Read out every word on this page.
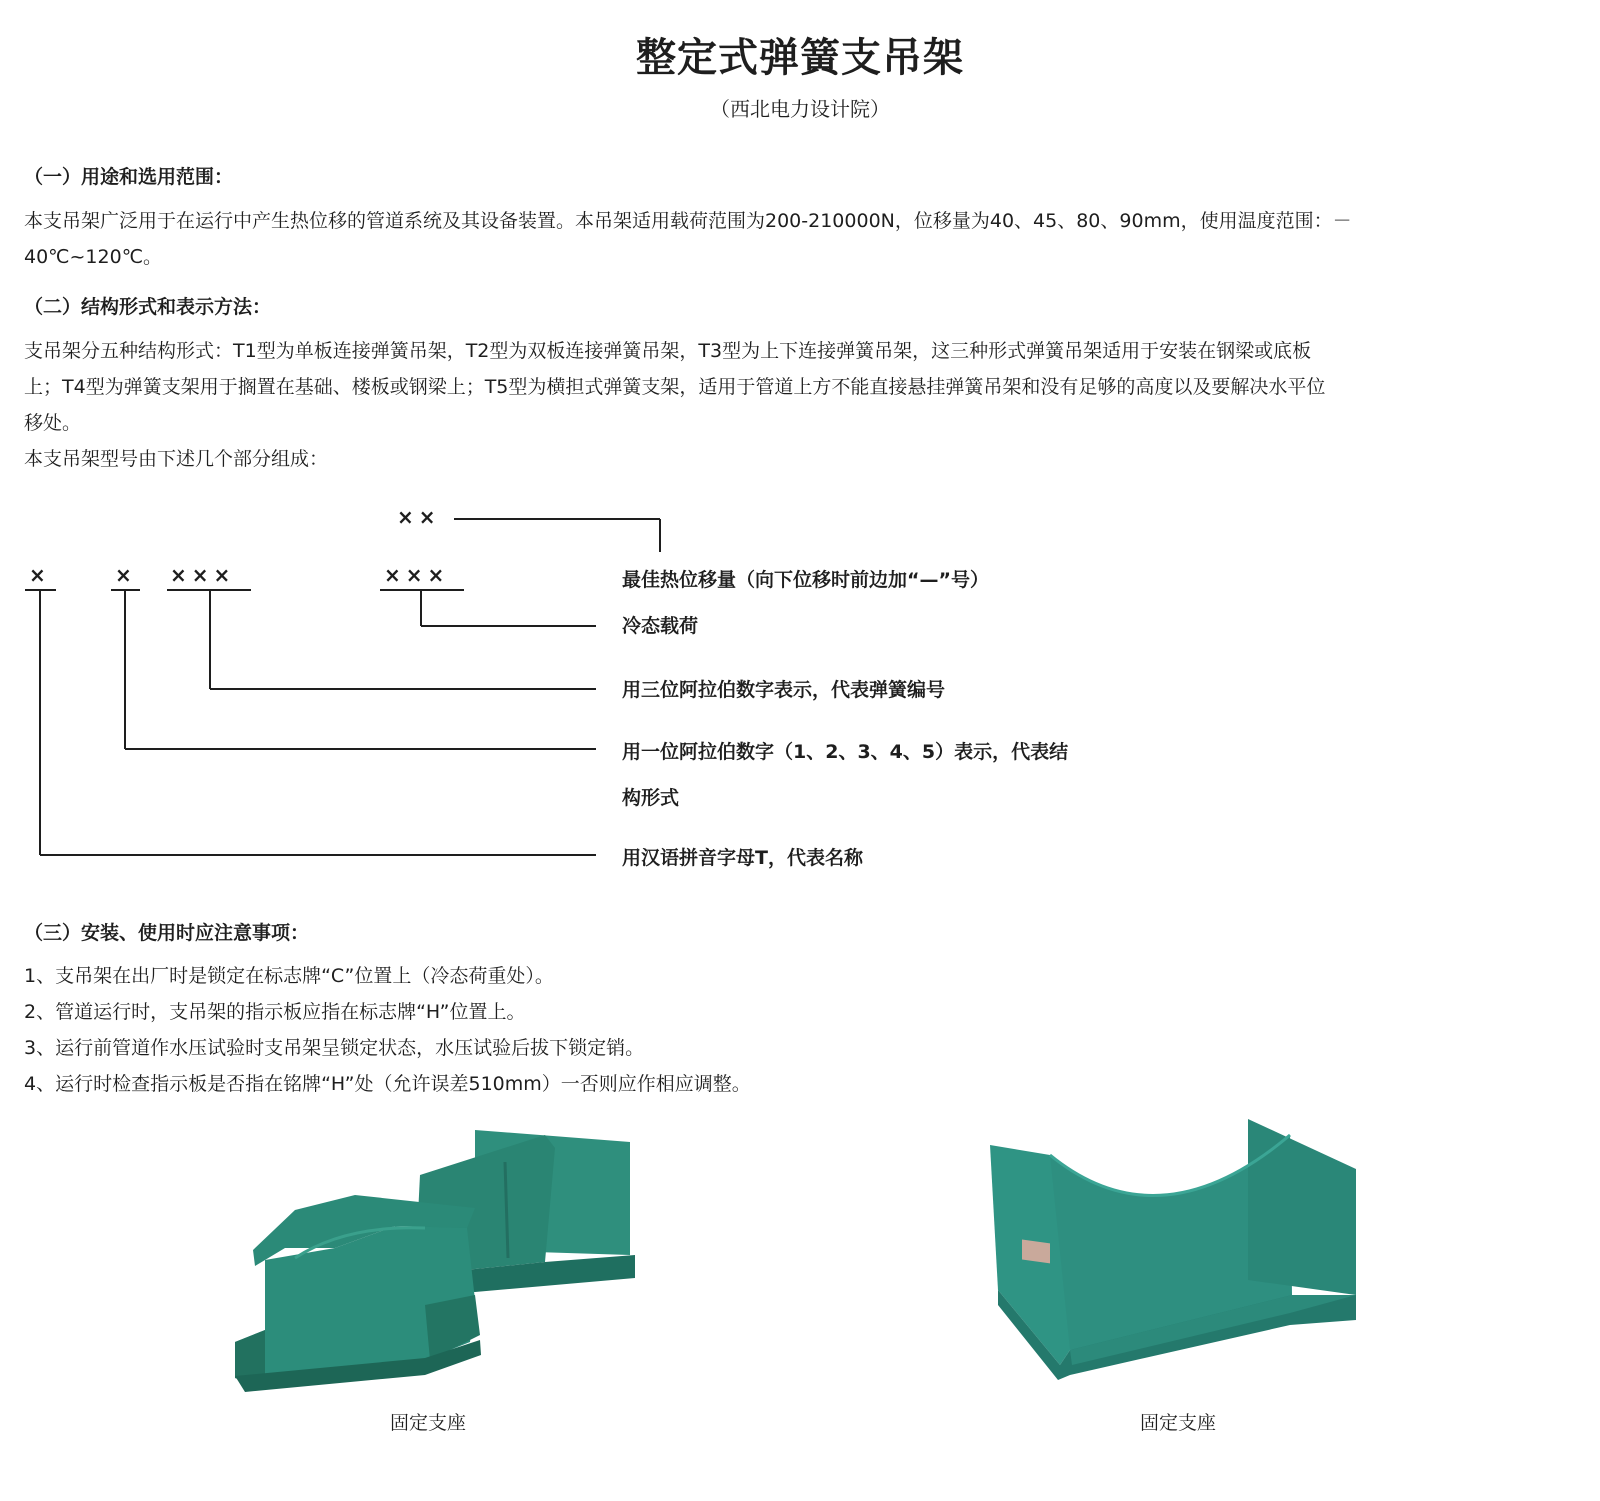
整定式弹簧支吊架
（西北电力设计院）
（一）用途和选用范围：
本支吊架广泛用于在运行中产生热位移的管道系统及其设备装置。本吊架适用载荷范围为200-210000N，位移量为40、45、80、90mm，使用温度范围：－
40℃~120℃。
（二）结构形式和表示方法：
支吊架分五种结构形式：T1型为单板连接弹簧吊架，T2型为双板连接弹簧吊架，T3型为上下连接弹簧吊架，这三种形式弹簧吊架适用于安装在钢梁或底板
上；T4型为弹簧支架用于搁置在基础、楼板或钢梁上；T5型为横担式弹簧支架，适用于管道上方不能直接悬挂弹簧吊架和没有足够的高度以及要解决水平位
移处。
本支吊架型号由下述几个部分组成：
××
×	× ×××	×××	最佳热位移量（向下位移时前边加“—”号）
冷态载荷
用三位阿拉伯数字表示，代表弹簧编号
用一位阿拉伯数字（1、2、3、4、5）表示，代表结
构形式
用汉语拼音字母T，代表名称
（三）安装、使用时应注意事项：
1、支吊架在出厂时是锁定在标志牌“C”位置上（冷态荷重处）。
2、管道运行时，支吊架的指示板应指在标志牌“H”位置上。
3、运行前管道作水压试验时支吊架呈锁定状态，水压试验后拔下锁定销。
4、运行时检查指示板是否指在铭牌“H”处（允许误差510mm）一否则应作相应调整。
固定支座	固定支座
